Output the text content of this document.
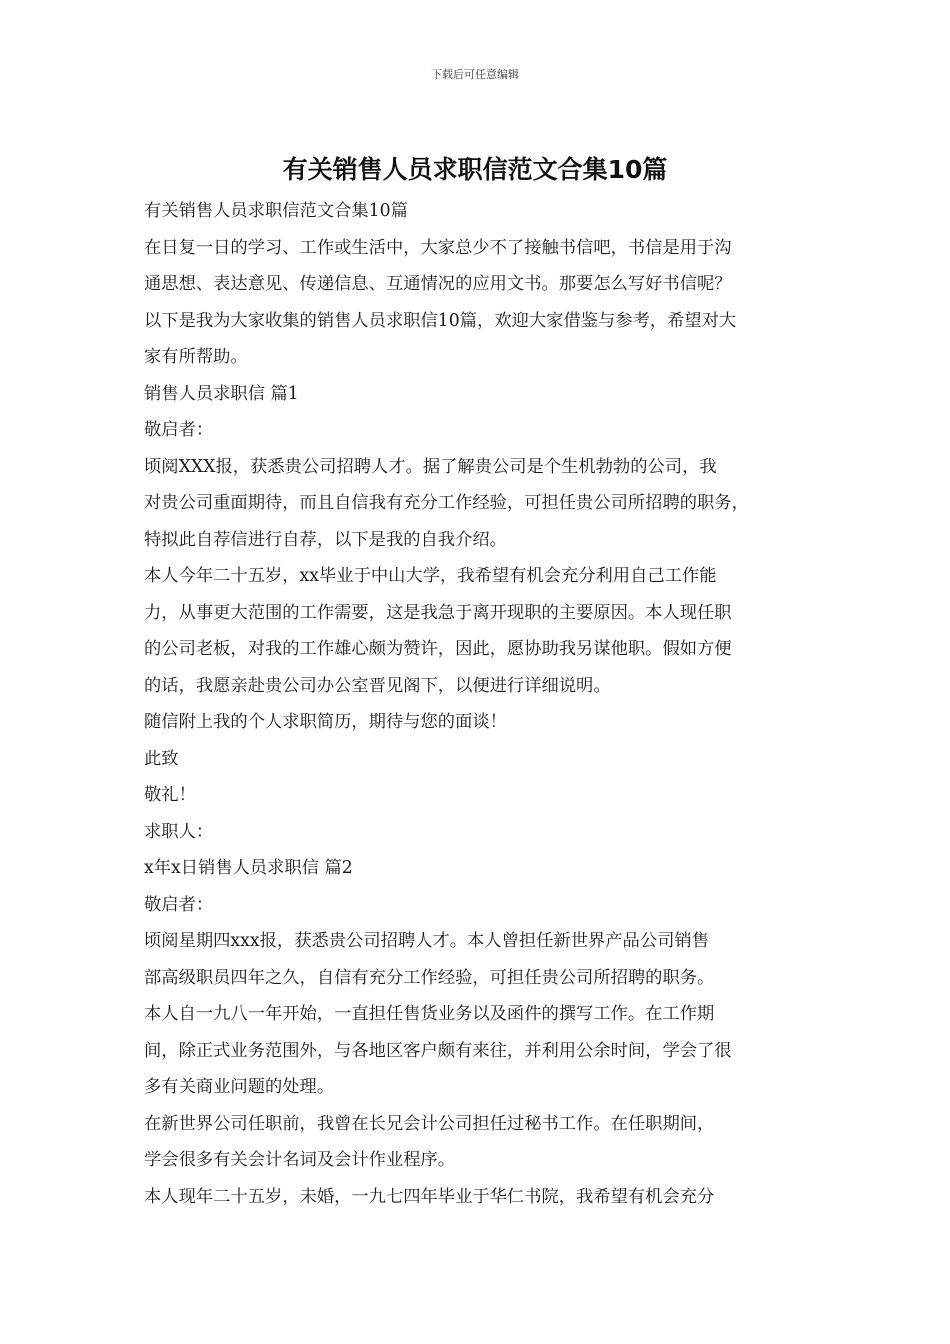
下载后可任意编辑
有关销售人员求职信范文合集10篇

有关销售人员求职信范文合集10篇

在日复一日的学习、工作或生活中，大家总少不了接触书信吧，书信是用于沟

通思想、表达意见、传递信息、互通情况的应用文书。那要怎么写好书信呢？

以下是我为大家收集的销售人员求职信10篇，欢迎大家借鉴与参考，希望对大

家有所帮助。

销售人员求职信 篇1

敬启者：

顷阅XXX报，获悉贵公司招聘人才。据了解贵公司是个生机勃勃的公司，我

对贵公司重面期待，而且自信我有充分工作经验，可担任贵公司所招聘的职务，

特拟此自荐信进行自荐，以下是我的自我介绍。

本人今年二十五岁，xx毕业于中山大学，我希望有机会充分利用自己工作能

力，从事更大范围的工作需要，这是我急于离开现职的主要原因。本人现任职

的公司老板，对我的工作雄心颇为赞许，因此，愿协助我另谋他职。假如方便

的话，我愿亲赴贵公司办公室晋见阁下，以便进行详细说明。

随信附上我的个人求职简历，期待与您的面谈！

此致

敬礼！

求职人：

x年x日销售人员求职信 篇2

敬启者：

顷阅星期四xxx报，获悉贵公司招聘人才。本人曾担任新世界产品公司销售

部高级职员四年之久，自信有充分工作经验，可担任贵公司所招聘的职务。

本人自一九八一年开始，一直担任售货业务以及函件的撰写工作。在工作期

间，除正式业务范围外，与各地区客户颇有来往，并利用公余时间，学会了很

多有关商业问题的处理。

在新世界公司任职前，我曾在长兄会计公司担任过秘书工作。在任职期间，

学会很多有关会计名词及会计作业程序。

本人现年二十五岁，未婚，一九七四年毕业于华仁书院，我希望有机会充分
